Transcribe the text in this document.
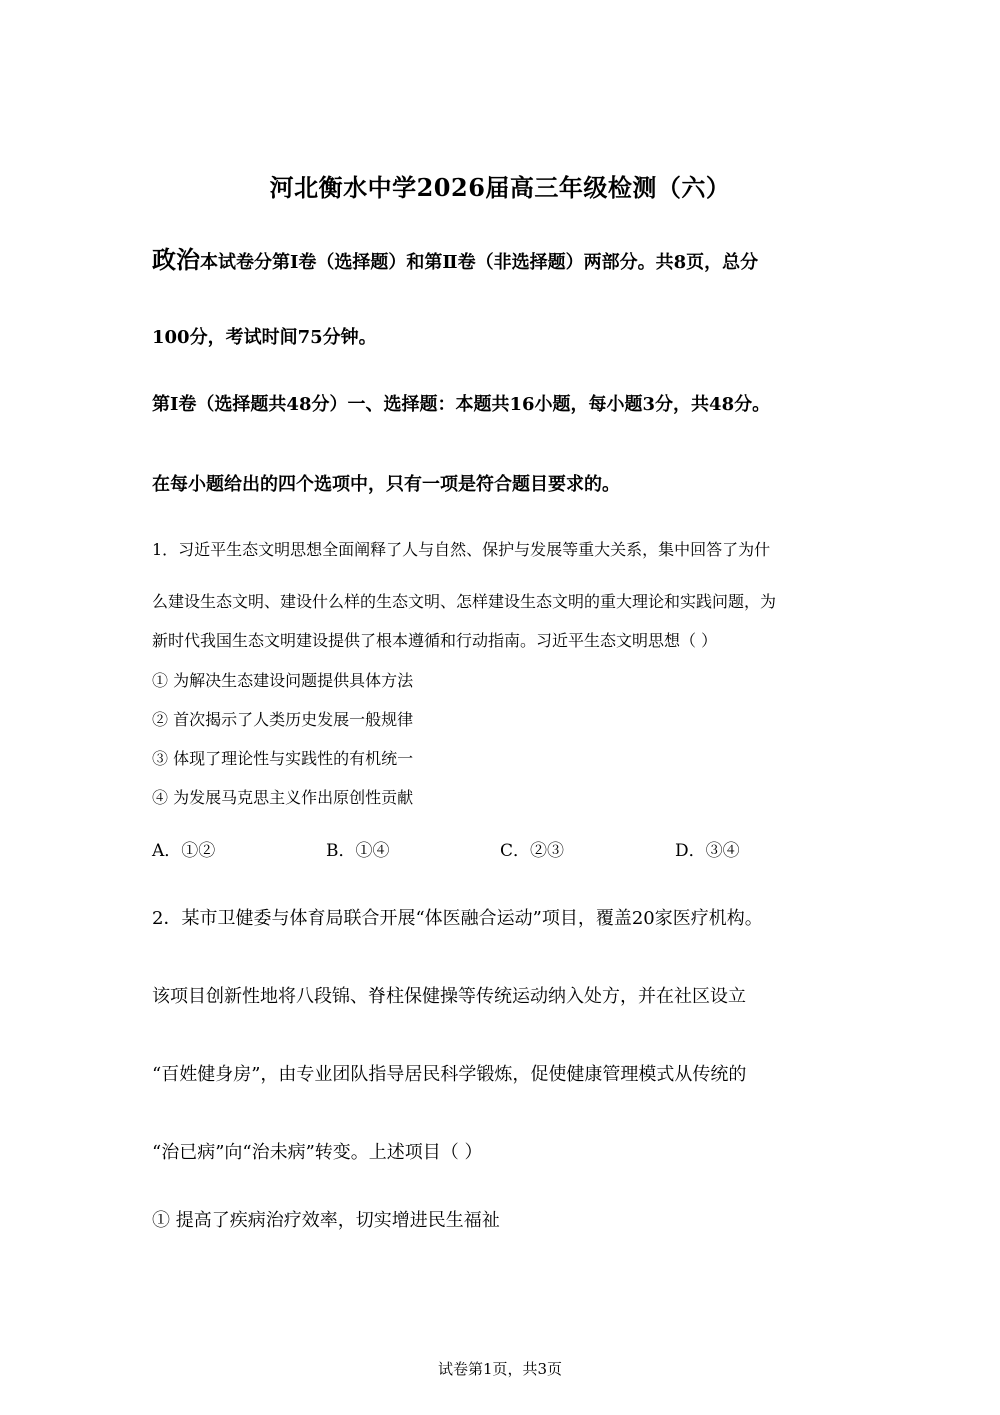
河北衡水中学2026届高三年级检测（六）
政治本试卷分第Ⅰ卷（选择题）和第Ⅱ卷（非选择题）两部分。共8页，总分
100分，考试时间75分钟。
第Ⅰ卷（选择题共48分）一、选择题：本题共16小题，每小题3分，共48分。
在每小题给出的四个选项中，只有一项是符合题目要求的。
1．习近平生态文明思想全面阐释了人与自然、保护与发展等重大关系，集中回答了为什
么建设生态文明、建设什么样的生态文明、怎样建设生态文明的重大理论和实践问题，为
新时代我国生态文明建设提供了根本遵循和行动指南。习近平生态文明思想（ ）
① 为解决生态建设问题提供具体方法
② 首次揭示了人类历史发展一般规律
③ 体现了理论性与实践性的有机统一
④ 为发展马克思主义作出原创性贡献
A．①②	B．①④	C．②③	D．③④
2．某市卫健委与体育局联合开展“体医融合运动”项目，覆盖20家医疗机构。
该项目创新性地将八段锦、脊柱保健操等传统运动纳入处方，并在社区设立
“百姓健身房”，由专业团队指导居民科学锻炼，促使健康管理模式从传统的
“治已病”向“治未病”转变。上述项目（ ）
① 提高了疾病治疗效率，切实增进民生福祉
试卷第1页，共3页
